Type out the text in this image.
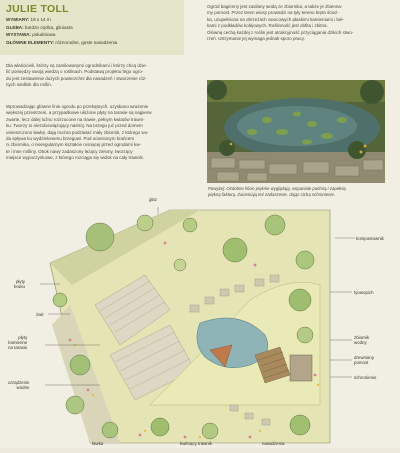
JULIE TOLL
WYMIARY: 18 x 14 m
GLEBA: bardzo ciężka, gliniasta
WYSTAWA: południowa
GŁÓWNE ELEMENTY: różnorodne, gęste nasadzenia
Dla właścicieli, którzy są zamiłowanymi ogrodnikami i którzy chcą dzie-
lić pomiędzy swoją wiedzą o roślinach. Podstawą projektu tego ogro-
du jest zestawienie dużych powierzchni dla nasadzeń i stworzenie róż-
nych siedlisk dla roślin.
Wprowadzając główne linie ogrodu po przekątnych, uzyskano wrażenie
większej przestrzeni, a przypadkowe ułożone płyty na tarasie są najpierw
zwarte, lecz dalej luźno rozrzucone na trawie, pełnym kwiatów trawni-
ku. Tworzy to niezobowiązujący nastrój. Na brzegu już przed domem
umieszczono ławkę, dają można podziwiać mały zbiornik, z którego wo-
da spływa ku wydzielonemu brzegowi. Pod ocienionym krańcem
ni zbiornika, o nieregularnym kształcie rosnącej przed ogrodami kw-
te i inne rośliny. Obok nawy zadaszony leżący zielony, tworzący
miejsce wypoczynkowe, z którego rozciąga się widok na cały trawnik.
Ogród bagienny jest zasilany wodą ze zbiornika, a także je zbienna-
my pomost. Przez teren wiosy prowadzi na tyły terenu kręta ścież-
ka, uzupełniona na obrzeżach owocowych płaskimi kamieniami i bel-
kami z podkładów kolejowych. Roślinność jest obfita i zbitna.
Główną cechą każdej z roślin jest atrakcyjność przyciągania dzikich stwo-
rzeń. Utrzymanie jej wymaga jednak sporo pracy.
Powyżej: Ozdobne liście pięknie wyglądają, wspaniale pachną i zapełnią
piękną fakturą. Zacieniają też zadaszenie, dając cichą schronienie.
głaz
kompostownik
płyty
bruku
tyowopich
żwir
płyty
kamienne
na tarasie
zbiornik
wodny
drewniany
pomost
urządzenie
wodne
schronienie
ławka	kwitnący trawnik	nasadzenia
